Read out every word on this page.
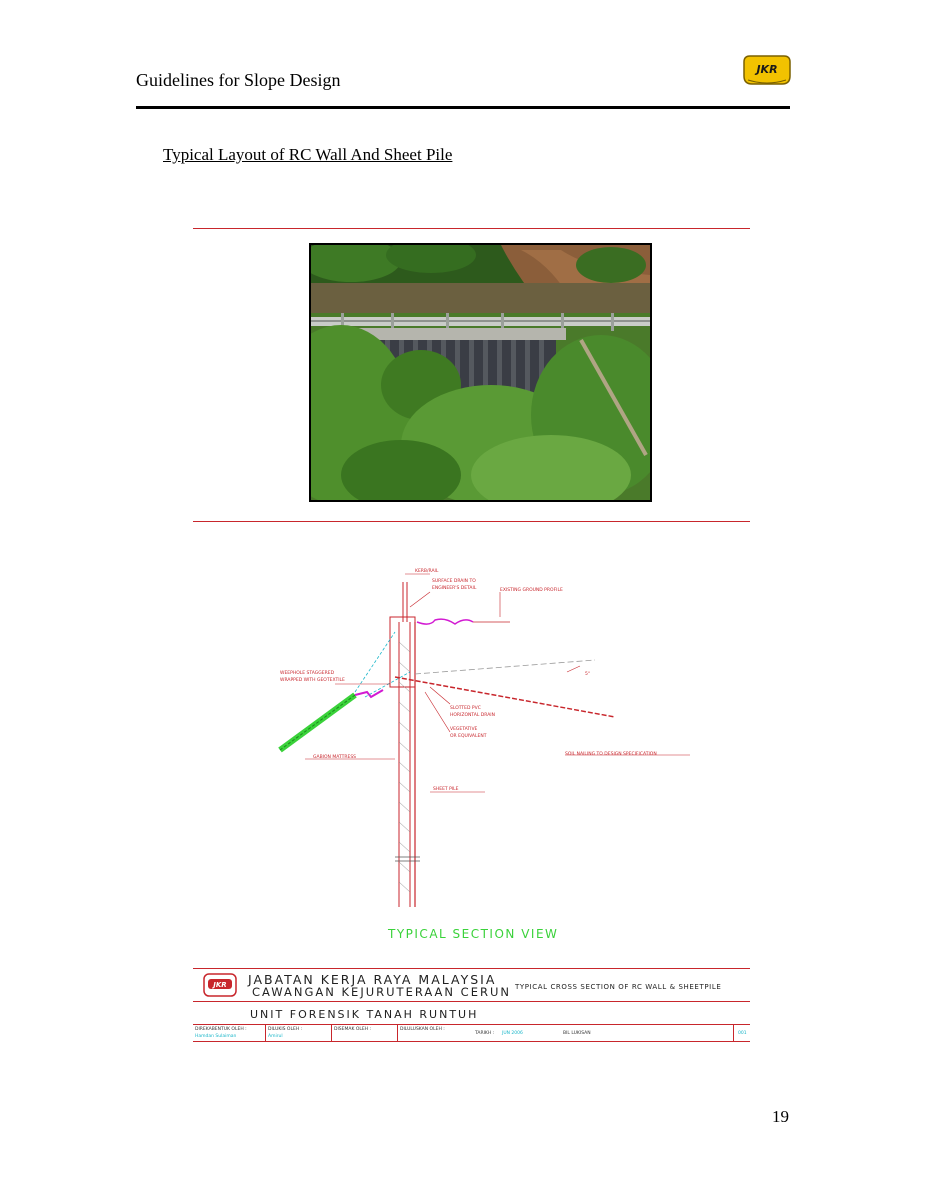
Guidelines for Slope Design
JKR
Typical Layout of RC Wall And Sheet Pile
KERB/RAIL
SURFACE DRAIN TO
ENGINEER'S DETAIL	EXISTING GROUND PROFILE
WEEPHOLE STAGGERED
WRAPPED WITH GEOTEXTILE
5°
SLOTTED PVC
HORIZONTAL DRAIN
VEGETATIVE
OR EQUIVALENT
GABION MATTRESS
SOIL NAILING TO DESIGN SPECIFICATION
SHEET PILE
TYPICAL SECTION VIEW
JKR JABATAN KERJA RAYA MALAYSIA
CAWANGAN KEJURUTERAAN CERUN
UNIT FORENSIK TANAH RUNTUH
TYPICAL CROSS SECTION OF RC WALL & SHEETPILE
DIREKABENTUK OLEH :
Hamdan Sulaiman
DILUKIS OLEH :
Amirul
DISEMAK OLEH :	DILULUSKAN OLEH :
TARIKH : JUN 2006	BIL LUKISAN	001
19
